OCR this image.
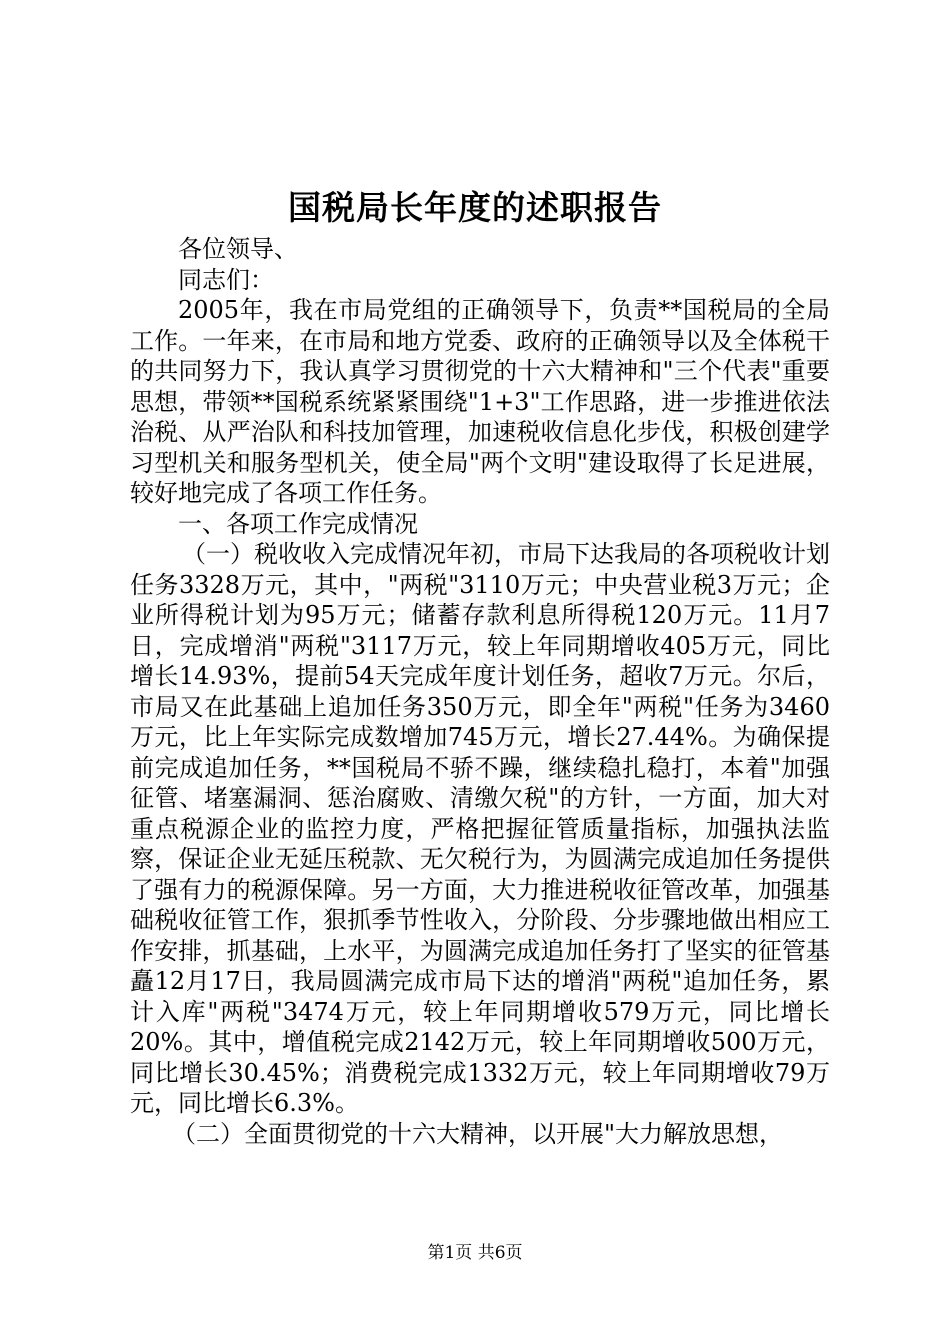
国税局长年度的述职报告

各位领导、

同志们：

2005年，我在市局党组的正确领导下，负责**国税局的全局工作。一年来，在市局和地方党委、政府的正确领导以及全体税干的共同努力下，我认真学习贯彻党的十六大精神和"三个代表"重要思想，带领**国税系统紧紧围绕"1+3"工作思路，进一步推进依法治税、从严治队和科技加管理，加速税收信息化步伐，积极创建学习型机关和服务型机关，使全局"两个文明"建设取得了长足进展，较好地完成了各项工作任务。

一、各项工作完成情况

（一）税收收入完成情况年初，市局下达我局的各项税收计划任务3328万元，其中，"两税"3110万元；中央营业税3万元；企业所得税计划为95万元；储蓄存款利息所得税120万元。11月7日，完成增消"两税"3117万元，较上年同期增收405万元，同比增长14.93%，提前54天完成年度计划任务，超收7万元。尔后，市局又在此基础上追加任务350万元，即全年"两税"任务为3460万元，比上年实际完成数增加745万元，增长27.44%。为确保提前完成追加任务，**国税局不骄不躁，继续稳扎稳打，本着"加强征管、堵塞漏洞、惩治腐败、清缴欠税"的方针，一方面，加大对重点税源企业的监控力度，严格把握征管质量指标，加强执法监察，保证企业无延压税款、无欠税行为，为圆满完成追加任务提供了强有力的税源保障。另一方面，大力推进税收征管改革，加强基础税收征管工作，狠抓季节性收入，分阶段、分步骤地做出相应工作安排，抓基础，上水平，为圆满完成追加任务打了坚实的征管基矗12月17日，我局圆满完成市局下达的增消"两税"追加任务，累计入库"两税"3474万元，较上年同期增收579万元，同比增长20%。其中，增值税完成2142万元，较上年同期增收500万元，同比增长30.45%；消费税完成1332万元，较上年同期增收79万元，同比增长6.3%。

（二）全面贯彻党的十六大精神，以开展"大力解放思想，

第1页 共6页
